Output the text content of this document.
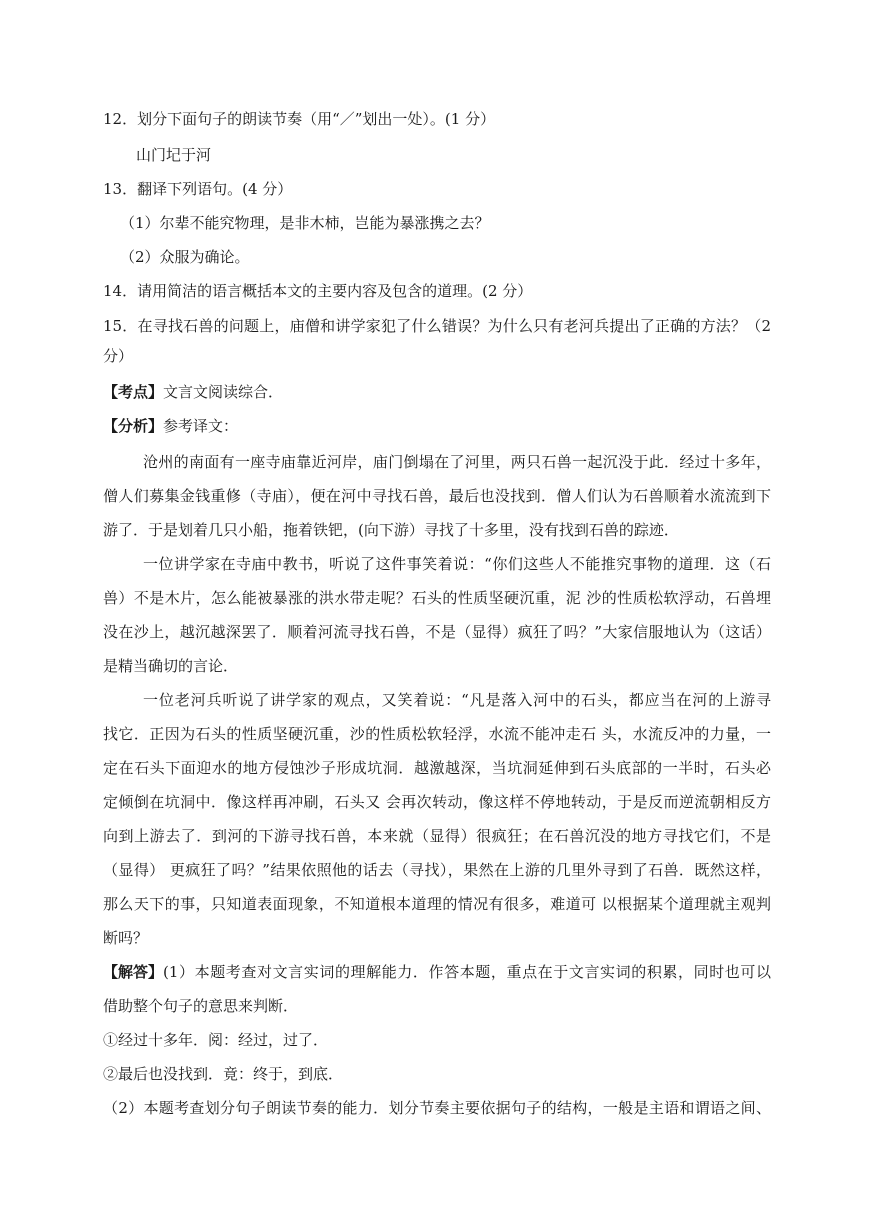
12．划分下面句子的朗读节奏（用“／”划出一处）。(1 分）
山门圮于河
13．翻译下列语句。(4 分）
（1）尔辈不能究物理，是非木柿，岂能为暴涨携之去？
（2）众服为确论。
14．请用简洁的语言概括本文的主要内容及包含的道理。(2 分）
15．在寻找石兽的问题上，庙僧和讲学家犯了什么错误？为什么只有老河兵提出了正确的方法？（2
分）
【考点】文言文阅读综合．
【分析】参考译文：
沧州的南面有一座寺庙靠近河岸，庙门倒塌在了河里，两只石兽一起沉没于此．经过十多年，
僧人们募集金钱重修（寺庙），便在河中寻找石兽，最后也没找到．僧人们认为石兽顺着水流流到下
游了．于是划着几只小船，拖着铁钯，(向下游）寻找了十多里，没有找到石兽的踪迹．
一位讲学家在寺庙中教书，听说了这件事笑着说：“你们这些人不能推究事物的道理．这（石
兽）不是木片，怎么能被暴涨的洪水带走呢？石头的性质坚硬沉重，泥 沙的性质松软浮动，石兽埋
没在沙上，越沉越深罢了．顺着河流寻找石兽，不是（显得）疯狂了吗？”大家信服地认为（这话）
是精当确切的言论．
一位老河兵听说了讲学家的观点，又笑着说：“凡是落入河中的石头，都应当在河的上游寻
找它．正因为石头的性质坚硬沉重，沙的性质松软轻浮，水流不能冲走石 头，水流反冲的力量，一
定在石头下面迎水的地方侵蚀沙子形成坑洞．越激越深，当坑洞延伸到石头底部的一半时，石头必
定倾倒在坑洞中．像这样再冲刷，石头又 会再次转动，像这样不停地转动，于是反而逆流朝相反方
向到上游去了．到河的下游寻找石兽，本来就（显得）很疯狂；在石兽沉没的地方寻找它们，不是
（显得） 更疯狂了吗？”结果依照他的话去（寻找），果然在上游的几里外寻到了石兽．既然这样，
那么天下的事，只知道表面现象，不知道根本道理的情况有很多，难道可 以根据某个道理就主观判
断吗？
【解答】 (1）本题考查对文言实词的理解能力．作答本题，重点在于文言实词的积累，同时也可以
借助整个句子的意思来判断．
①经过十多年．阅：经过，过了．
②最后也没找到．竟：终于，到底．
（2）本题考查划分句子朗读节奏的能力．划分节奏主要依据句子的结构，一般是主语和谓语之间、
